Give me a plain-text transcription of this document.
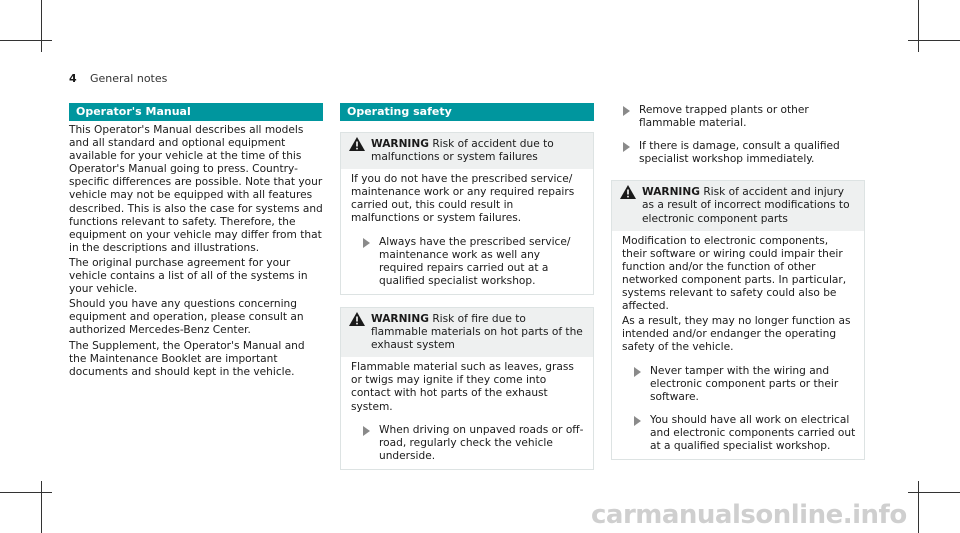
4 General notes
Operator's Manual

This Operator's Manual describes all models and all standard and optional equipment available for your vehicle at the time of this Operator's Manual going to press. Country-specific differences are possible. Note that your vehicle may not be equipped with all features described. This is also the case for systems and functions relevant to safety. Therefore, the equipment on your vehicle may differ from that in the descriptions and illustrations.

The original purchase agreement for your vehicle contains a list of all of the systems in your vehicle.

Should you have any questions concerning equipment and operation, please consult an authorized Mercedes-Benz Center.

The Supplement, the Operator's Manual and the Maintenance Booklet are important documents and should kept in the vehicle.

Operating safety
WARNING Risk of accident due to malfunctions or system failures
If you do not have the prescribed service/ maintenance work or any required repairs carried out, this could result in malfunctions or system failures.
Always have the prescribed service/ maintenance work as well any required repairs carried out at a qualified specialist workshop.
WARNING Risk of fire due to flammable materials on hot parts of the exhaust system
Flammable material such as leaves, grass or twigs may ignite if they come into contact with hot parts of the exhaust system.
When driving on unpaved roads or off-road, regularly check the vehicle underside.
Remove trapped plants or other flammable material.
If there is damage, consult a qualified specialist workshop immediately.
WARNING Risk of accident and injury as a result of incorrect modifications to electronic component parts
Modification to electronic components, their software or wiring could impair their function and/or the function of other networked component parts. In particular, systems relevant to safety could also be affected.
As a result, they may no longer function as intended and/or endanger the operating safety of the vehicle.
Never tamper with the wiring and electronic component parts or their software.
You should have all work on electrical and electronic components carried out at a qualified specialist workshop.
carmanualsonline.info
